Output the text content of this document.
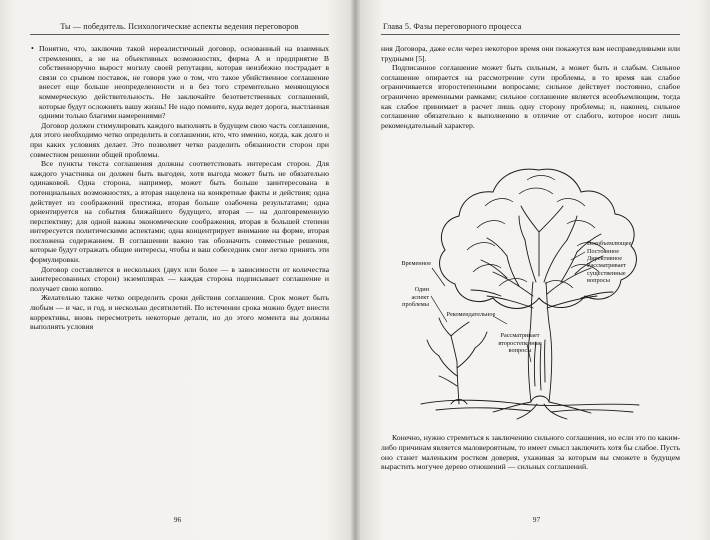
Ты — победитель. Психологические аспекты ведения переговоров

• Понятно, что, заключив такой нереалистичный договор, основанный на взаимных стремлениях, а не на объективных возможностях, фирма А и предприятие В собственноручно вырост могилу своей репутации, которая неизбежно пострадает в связи со срывом поставок, не говоря уже о том, что такое убийственное соглашение внесет еще больше неопределенности и в без того стремительно меняющуюся коммерческую действительность. Не заключайте безответственных соглашений, которые будут осложнять вашу жизнь! Не надо помните, куда ведет дорога, выстланная одними только благими намерениями?

Договор должен стимулировать каждого выполнять в будущем свою часть соглашения, для этого необходимо четко определить в соглашении, кто, что именно, когда, как долго и при каких условиях делает. Это позволяет четко разделить обязанности сторон при совместном решении общей проблемы.

Все пункты текста соглашения должны соответствовать интересам сторон. Для каждого участника он должен быть выгоден, хотя выгода может быть не обязательно одинаковой. Одна сторона, например, может быть больше заинтересована в потенциальных возможностях, а вторая нацелена на конкретные факты и действия; одна действует из соображений престижа, вторая больше озабочена результатами; одна ориентируется на события ближайшего будущего, вторая — на долговременную перспективу; для одной важны экономические соображения, вторая в большей степени интересуется политическими аспектами; одна концентрирует внимание на форме, вторая погложена содержанием. В соглашении важно так обозначить совместные решения, которые будут отражать общие интересы, чтобы и ваш собеседник смог легко принять эти формулировки.

Договор составляется в нескольких (двух или более — в зависимости от количества заинтересованных сторон) экземплярах — каждая сторона подписывает соглашение и получает свою копию.

Желательно также четко определить сроки действия соглашения. Срок может быть любым — и час, и год, и несколько десятилетий. По истечении срока можно будет внести коррективы, вновь пересмотреть некоторые детали, но до этого момента вы должны выполнять условия

96
Глава 5. Фазы переговорного процесса

ния Договора, даже если через некоторое время они покажутся вам несправедливыми или трудными [5].

Подписанное соглашение может быть сильным, а может быть и слабым. Сильное соглашение опирается на рассмотрение сути проблемы, в то время как слабое ограничивается второстепенными вопросами; сильное действует постоянно, слабое ограничено временными рамками; сильное соглашение является всеобъемлющим, тогда как слабое принимает в расчет лишь одну сторону проблемы; и, наконец, сильное соглашение обязательно к выполнению в отличие от слабого, которое носит лишь рекомендательный характер.

Всеобъемлющее
Постоянное
Директивное
Рассматривает
существенные
вопросы
Временное
Один
аспект
проблемы
Рекомендательное
Рассматривает
второстепенные
вопросы

Конечно, нужно стремиться к заключению сильного соглашения, но если это по каким-либо причинам является маловероятным, то имеет смысл заключить хотя бы слабое. Пусть оно станет маленьким ростком доверия, ухаживая за которым вы сможете в будущем вырастить могучее дерево отношений — сильных соглашений.

97
